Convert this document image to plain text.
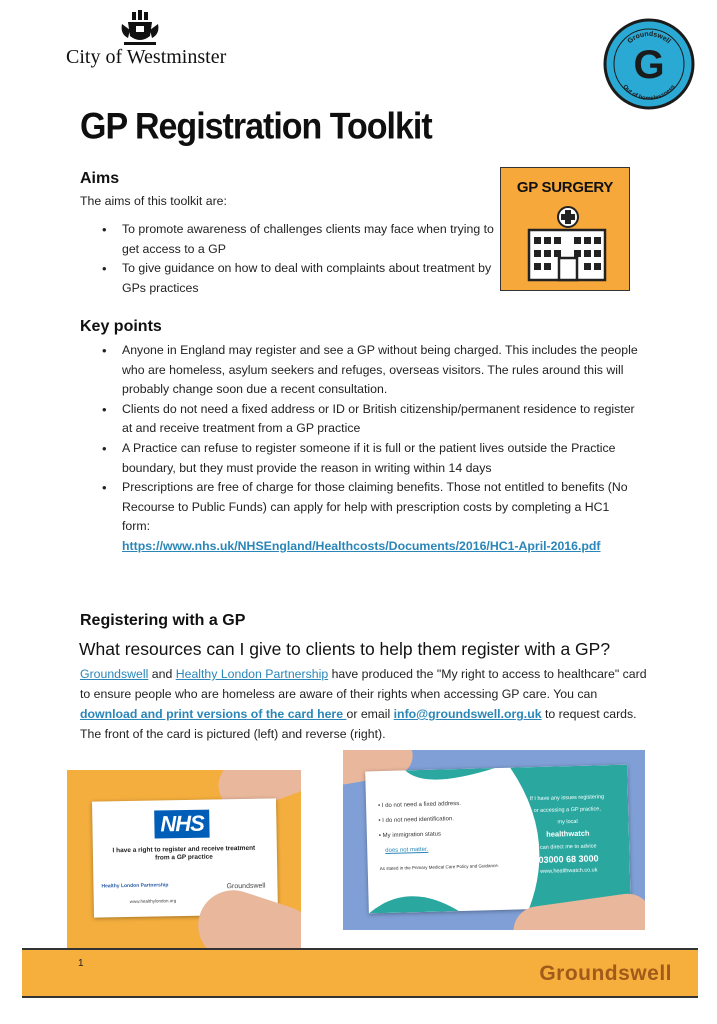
City of Westminster	G
Groundswell
Out of homelessness
GP Registration Toolkit
Aims

The aims of this toolkit are:

• To promote awareness of challenges clients may face when trying to get access to a GP
• To give guidance on how to deal with complaints about treatment by GPs practices
GP SURGERY
Key points
• Anyone in England may register and see a GP without being charged. This includes the people who are homeless, asylum seekers and refuges, overseas visitors. The rules around this will probably change soon due a recent consultation.
• Clients do not need a fixed address or ID or British citizenship/permanent residence to register at and receive treatment from a GP practice
• A Practice can refuse to register someone if it is full or the patient lives outside the Practice boundary, but they must provide the reason in writing within 14 days
• Prescriptions are free of charge for those claiming benefits. Those not entitled to benefits (No Recourse to Public Funds) can apply for help with prescription costs by completing a HC1 form:
https://www.nhs.uk/NHSEngland/Healthcosts/Documents/2016/HC1-April-2016.pdf
Registering with a GP

What resources can I give to clients to help them register with a GP?

Groundswell and Healthy London Partnership have produced the "My right to access to healthcare" card to ensure people who are homeless are aware of their rights when accessing GP care. You can download and print versions of the card here or email info@groundswell.org.uk to request cards. The front of the card is pictured (left) and reverse (right).

NHS
I have a right to register and receive treatment from a GP practice
Healthy London Partnership	Groundswell
www.healthylondon.org
• I do not need a fixed address.
• I do not need identification.
• My immigration status
does not matter.
As stated in the Primary Medical Care Policy and Guidance.
If I have any issues registering
or accessing a GP practice,
my local
healthwatch
can direct me to advice
03000 68 3000
www.healthwatch.co.uk
1	Groundswell
